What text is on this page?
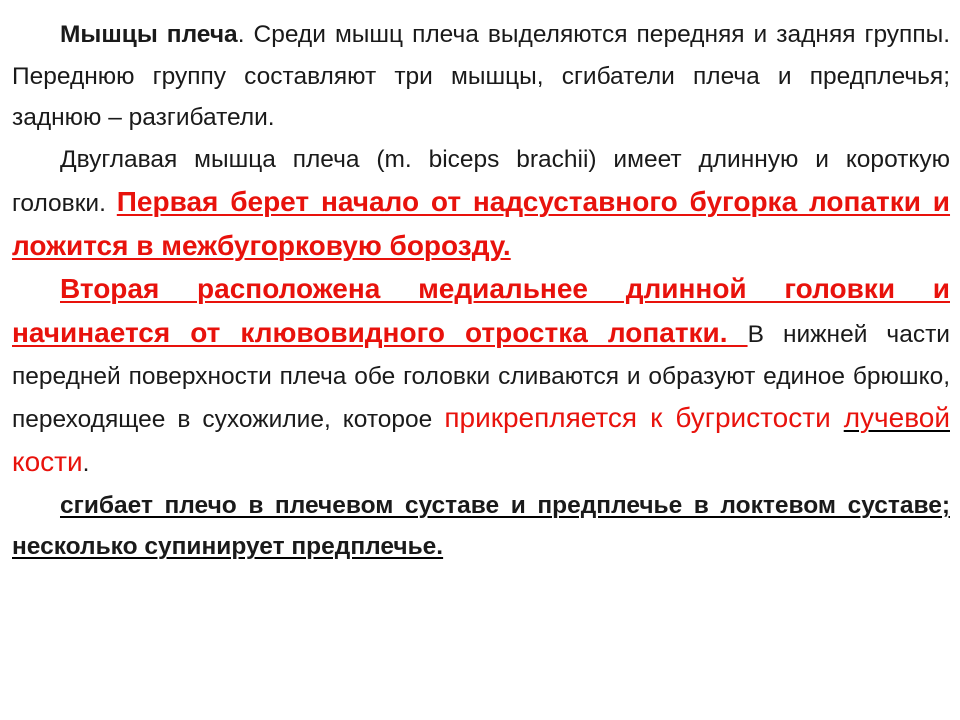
Мышцы плеча. Среди мышц плеча выделяются передняя и задняя группы. Переднюю группу составляют три мышцы, сгибатели плеча и предплечья; заднюю – разгибатели.

Двуглавая мышца плеча (m. biceps brachii) имеет длинную и короткую головки. Первая берет начало от надсуставного бугорка лопатки и ложится в межбугорковую борозду.

Вторая расположена медиальнее длинной головки и начинается от клювовидного отростка лопатки. В нижней части передней поверхности плеча обе головки сливаются и образуют единое брюшко, переходящее в сухожилие, которое прикрепляется к бугристости лучевой кости.

сгибает плечо в плечевом суставе и предплечье в локтевом суставе; несколько супинирует предплечье.
